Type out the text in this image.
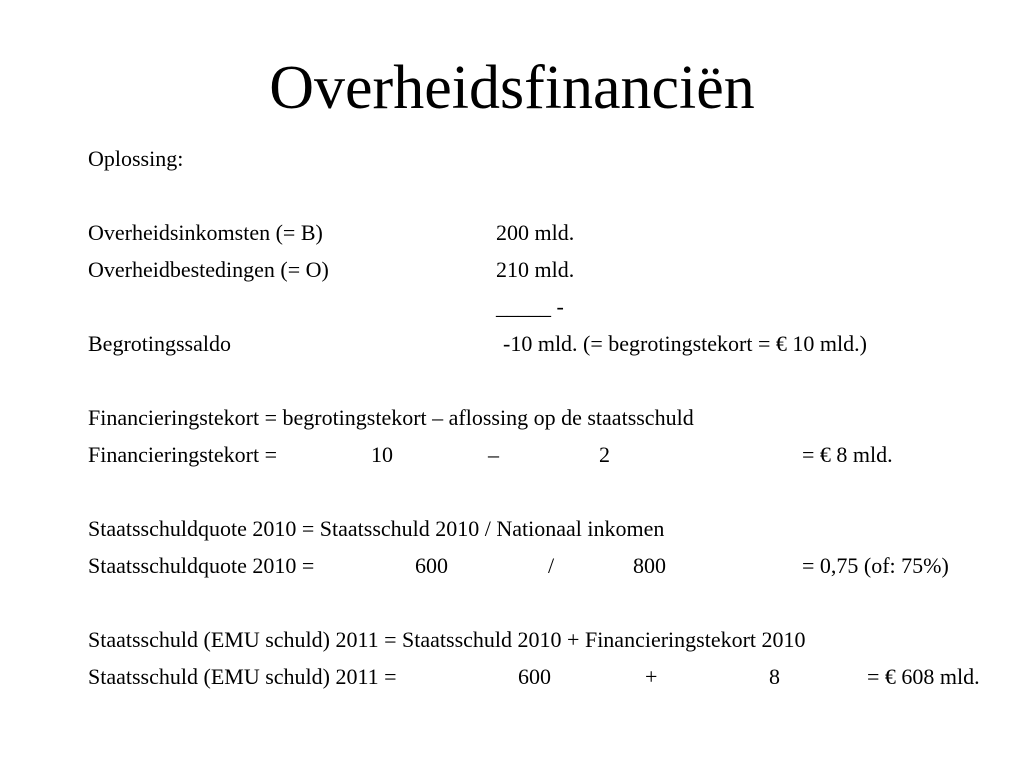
Overheidsfinanciën
Oplossing:
Overheidsinkomsten (= B)	200 mld.
Overheidbestedingen (= O)	210 mld.
_____ -
Begrotingssaldo	-10 mld. (= begrotingstekort = € 10 mld.)
Financieringstekort = begrotingstekort – aflossing op de staatsschuld
Financieringstekort =	10	–	2	= € 8 mld.
Staatsschuldquote 2010 = Staatsschuld 2010 / Nationaal inkomen
Staatsschuldquote 2010 =	600	/	800	= 0,75 (of: 75%)
Staatsschuld (EMU schuld) 2011 = Staatsschuld 2010 + Financieringstekort 2010
Staatsschuld (EMU schuld) 2011 =	600	+	8	= € 608 mld.
